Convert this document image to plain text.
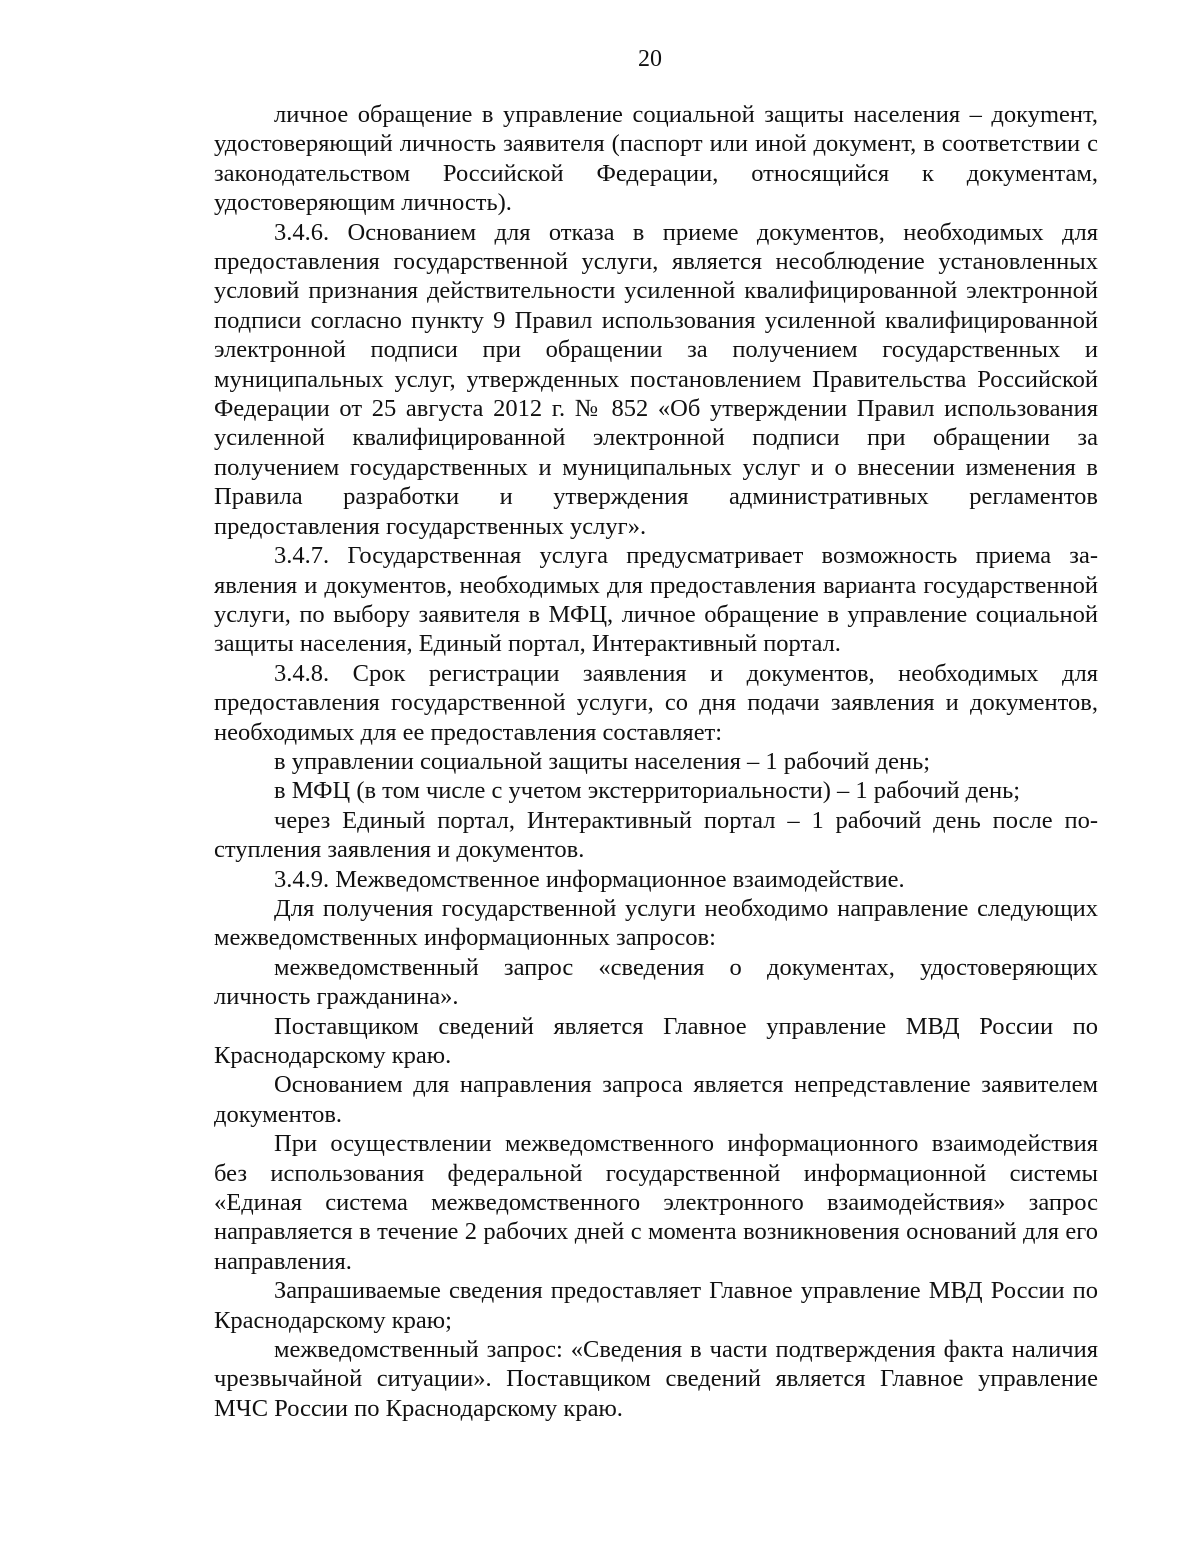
20

личное обращение в управление социальной защиты населения – докуmент, удостоверяющий личность заявителя (паспорт или иной документ, в соответствии с законодательством Российской Федерации, относящийся к документам, удостоверяющим личность).

3.4.6. Основанием для отказа в приеме документов, необходимых для предоставления государственной услуги, является несоблюдение установленных условий признания действительности усиленной квалифицированной электронной подписи согласно пункту 9 Правил использования усиленной квалифицированной электронной подписи при обращении за получением государственных и муниципальных услуг, утвержденных постановлением Правительства Российской Федерации от 25 августа 2012 г. № 852 «Об утверждении Правил использования усиленной квалифицированной электронной подписи при обращении за получением государственных и муниципальных услуг и о внесении изменения в Правила разработки и утверждения административных регламентов предоставления государственных услуг».

3.4.7. Государственная услуга предусматривает возможность приема заявления и документов, необходимых для предоставления варианта государственной услуги, по выбору заявителя в МФЦ, личное обращение в управление социальной защиты населения, Единый портал, Интерактивный портал.

3.4.8. Срок регистрации заявления и документов, необходимых для предоставления государственной услуги, со дня подачи заявления и документов, необходимых для ее предоставления составляет:

в управлении социальной защиты населения – 1 рабочий день;

в МФЦ (в том числе с учетом экстерриториальности) – 1 рабочий день;

через Единый портал, Интерактивный портал – 1 рабочий день после поступления заявления и документов.

3.4.9. Межведомственное информационное взаимодействие.

Для получения государственной услуги необходимо направление следующих межведомственных информационных запросов:

межведомственный запрос «сведения о документах, удостоверяющих личность гражданина».

Поставщиком сведений является Главное управление МВД России по Краснодарскому краю.

Основанием для направления запроса является непредставление заявителем документов.

При осуществлении межведомственного информационного взаимодействия без использования федеральной государственной информационной системы «Единая система межведомственного электронного взаимодействия» запрос направляется в течение 2 рабочих дней с момента возникновения оснований для его направления.

Запрашиваемые сведения предоставляет Главное управление МВД России по Краснодарскому краю;

межведомственный запрос: «Сведения в части подтверждения факта наличия чрезвычайной ситуации». Поставщиком сведений является Главное управление МЧС России по Краснодарскому краю.
